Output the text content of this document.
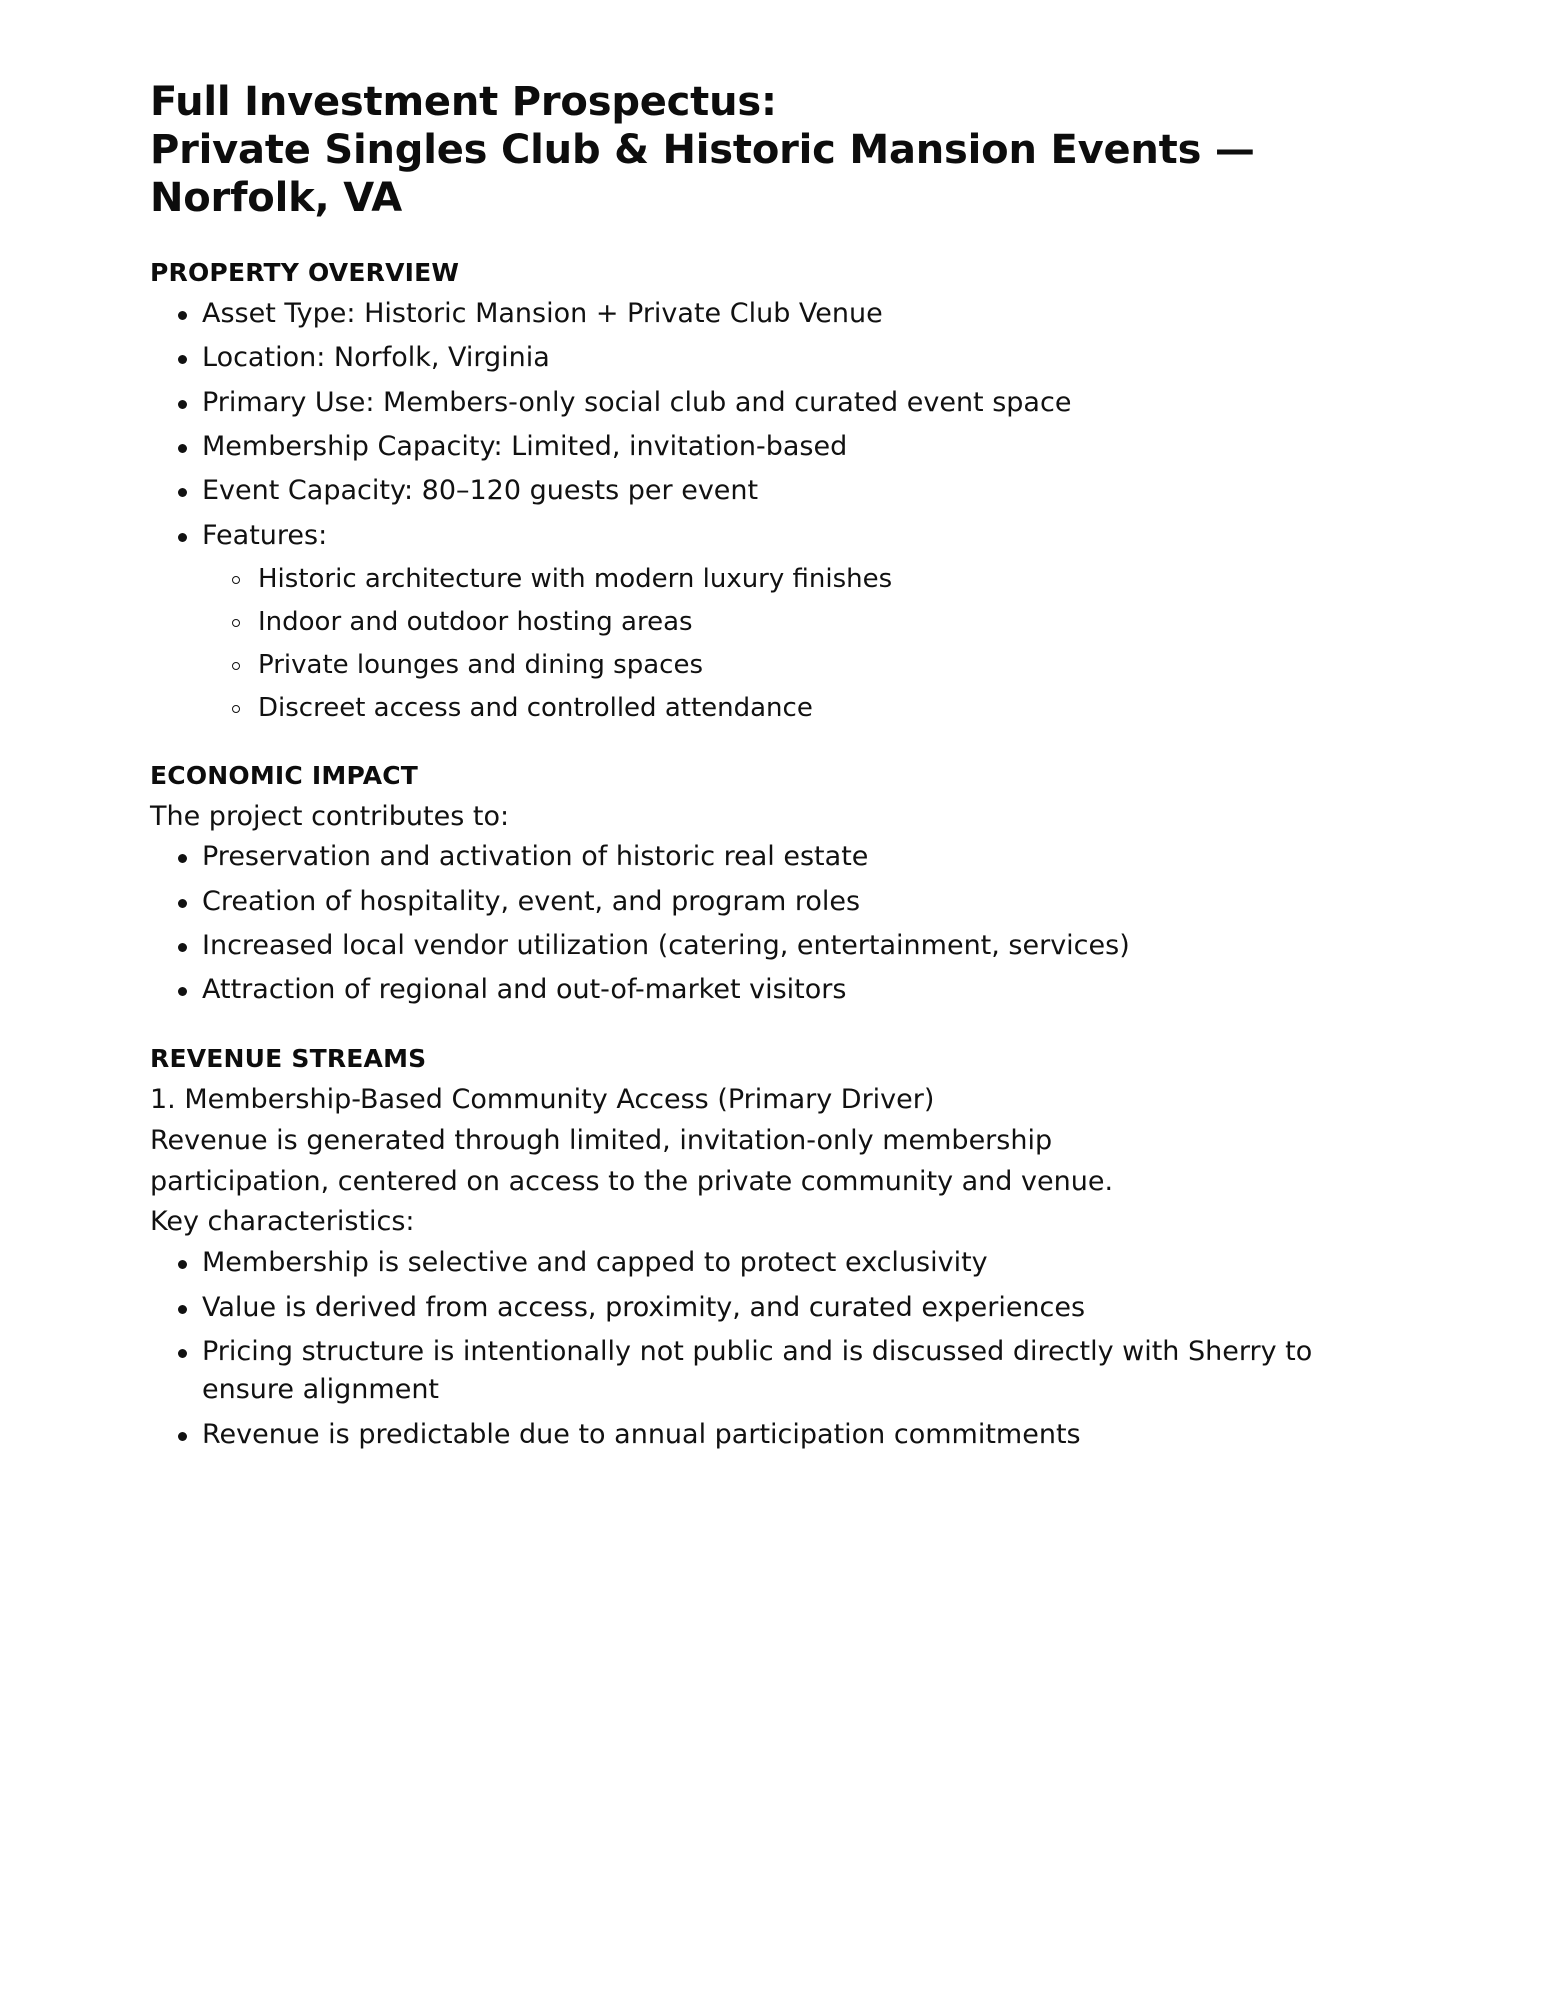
Full Investment Prospectus:
Private Singles Club & Historic Mansion Events —
Norfolk, VA
PROPERTY OVERVIEW
Asset Type: Historic Mansion + Private Club Venue
Location: Norfolk, Virginia
Primary Use: Members-only social club and curated event space
Membership Capacity: Limited, invitation-based
Event Capacity: 80–120 guests per event
Features:
Historic architecture with modern luxury finishes
Indoor and outdoor hosting areas
Private lounges and dining spaces
Discreet access and controlled attendance
ECONOMIC IMPACT

The project contributes to:

Preservation and activation of historic real estate
Creation of hospitality, event, and program roles
Increased local vendor utilization (catering, entertainment, services)
Attraction of regional and out-of-market visitors
REVENUE STREAMS

1. Membership-Based Community Access (Primary Driver)

Revenue is generated through limited, invitation-only membership

participation, centered on access to the private community and venue.

Key characteristics:

Membership is selective and capped to protect exclusivity
Value is derived from access, proximity, and curated experiences
Pricing structure is intentionally not public and is discussed directly with Sherry to ensure alignment
Revenue is predictable due to annual participation commitments
